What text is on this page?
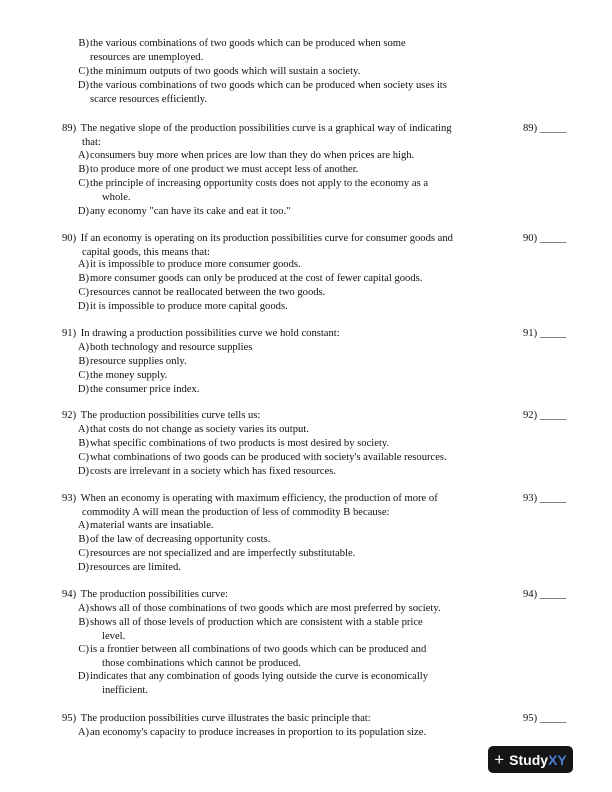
B) the various combinations of two goods which can be produced when some
resources are unemployed.
C) the minimum outputs of two goods which will sustain a society.
D) the various combinations of two goods which can be produced when society uses its
scarce resources efficiently.
89) The negative slope of the production possibilities curve is a graphical way of indicating
that:
89) _____
A) consumers buy more when prices are low than they do when prices are high.
B) to produce more of one product we must accept less of another.
C) the principle of increasing opportunity costs does not apply to the economy as a
whole.
D) any economy "can have its cake and eat it too."
90) If an economy is operating on its production possibilities curve for consumer goods and
capital goods, this means that:
90) _____
A) it is impossible to produce more consumer goods.
B) more consumer goods can only be produced at the cost of fewer capital goods.
C) resources cannot be reallocated between the two goods.
D) it is impossible to produce more capital goods.
91) In drawing a production possibilities curve we hold constant:	91) _____
A) both technology and resource supplies
B) resource supplies only.
C) the money supply.
D) the consumer price index.
92) The production possibilities curve tells us:	92) _____
A) that costs do not change as society varies its output.
B) what specific combinations of two products is most desired by society.
C) what combinations of two goods can be produced with society's available resources.
D) costs are irrelevant in a society which has fixed resources.
93) When an economy is operating with maximum efficiency, the production of more of
commodity A will mean the production of less of commodity B because:
93) _____
A) material wants are insatiable.
B) of the law of decreasing opportunity costs.
C) resources are not specialized and are imperfectly substitutable.
D) resources are limited.
94) The production possibilities curve:	94) _____
A) shows all of those combinations of two goods which are most preferred by society.
B) shows all of those levels of production which are consistent with a stable price
level.
C) is a frontier between all combinations of two goods which can be produced and
those combinations which cannot be produced.
D) indicates that any combination of goods lying outside the curve is economically
inefficient.
95) The production possibilities curve illustrates the basic principle that:	95) _____
A) an economy's capacity to produce increases in proportion to its population size.
+ StudyXY
